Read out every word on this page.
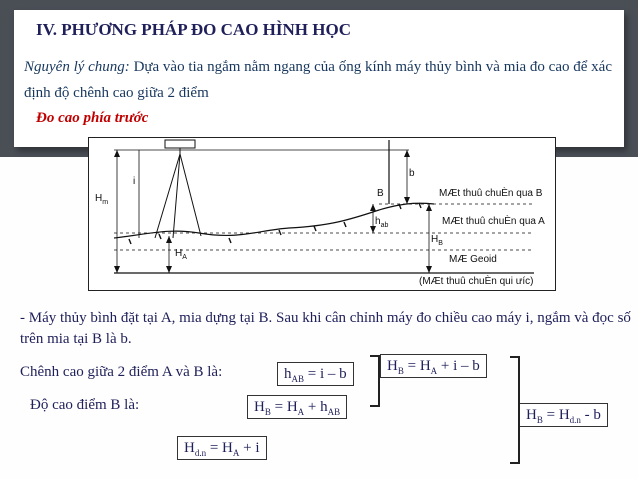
IV. PHƯƠNG PHÁP ĐO CAO HÌNH HỌC
Nguyên lý chung: Dựa vào tia ngắm nằm ngang của ống kính máy thủy bình và mia đo cao để xác định độ chênh cao giữa 2 điểm
Đo cao phía trước
i
b
B
$H_m$
$H_A$
$H_B$
$h_{ab}$
MÆt thuû chuÈn qua B
MÆt thuû chuÈn qua A
MÆ Geoid
(MÆt thuû chuÈn qui ưíc)
- Máy thủy bình đặt tại A, mia dựng tại B. Sau khi cân chỉnh máy đo chiều cao máy i, ngắm và đọc số trên mia tại B là b.
Chênh cao giữa 2 điểm A và B là:
Độ cao điểm B là:
$h_{AB} = i - b$
$H_B = H_A + h_{AB}$
$H_B = H_A + i - b$
$H_B = H_{d.n} - b$
$H_{d.n} = H_A + i$
